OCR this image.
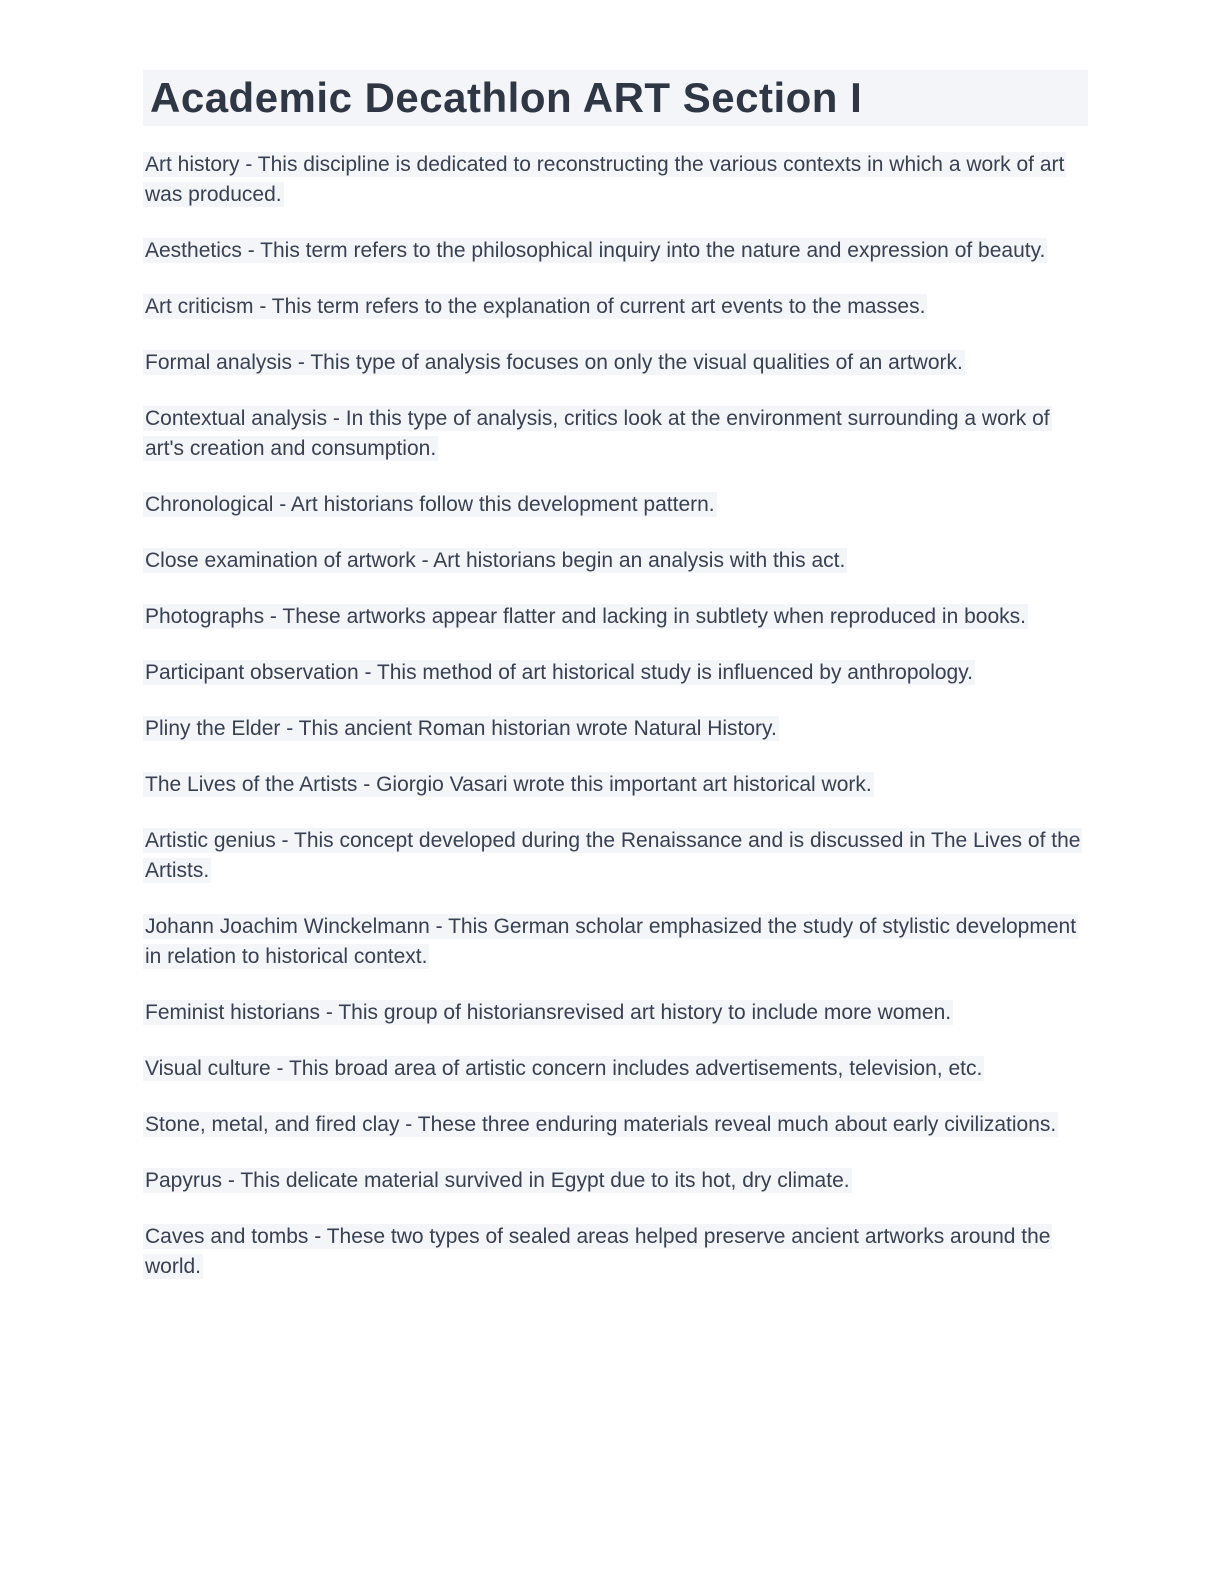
Academic Decathlon ART Section I

Art history - This discipline is dedicated to reconstructing the various contexts in which a work of art was produced.

Aesthetics - This term refers to the philosophical inquiry into the nature and expression of beauty.

Art criticism - This term refers to the explanation of current art events to the masses.

Formal analysis - This type of analysis focuses on only the visual qualities of an artwork.

Contextual analysis - In this type of analysis, critics look at the environment surrounding a work of art's creation and consumption.

Chronological - Art historians follow this development pattern.

Close examination of artwork - Art historians begin an analysis with this act.

Photographs - These artworks appear flatter and lacking in subtlety when reproduced in books.

Participant observation - This method of art historical study is influenced by anthropology.

Pliny the Elder - This ancient Roman historian wrote Natural History.

The Lives of the Artists - Giorgio Vasari wrote this important art historical work.

Artistic genius - This concept developed during the Renaissance and is discussed in The Lives of the Artists.

Johann Joachim Winckelmann - This German scholar emphasized the study of stylistic development in relation to historical context.

Feminist historians - This group of historiansrevised art history to include more women.

Visual culture - This broad area of artistic concern includes advertisements, television, etc.

Stone, metal, and fired clay - These three enduring materials reveal much about early civilizations.

Papyrus - This delicate material survived in Egypt due to its hot, dry climate.

Caves and tombs - These two types of sealed areas helped preserve ancient artworks around the world.
